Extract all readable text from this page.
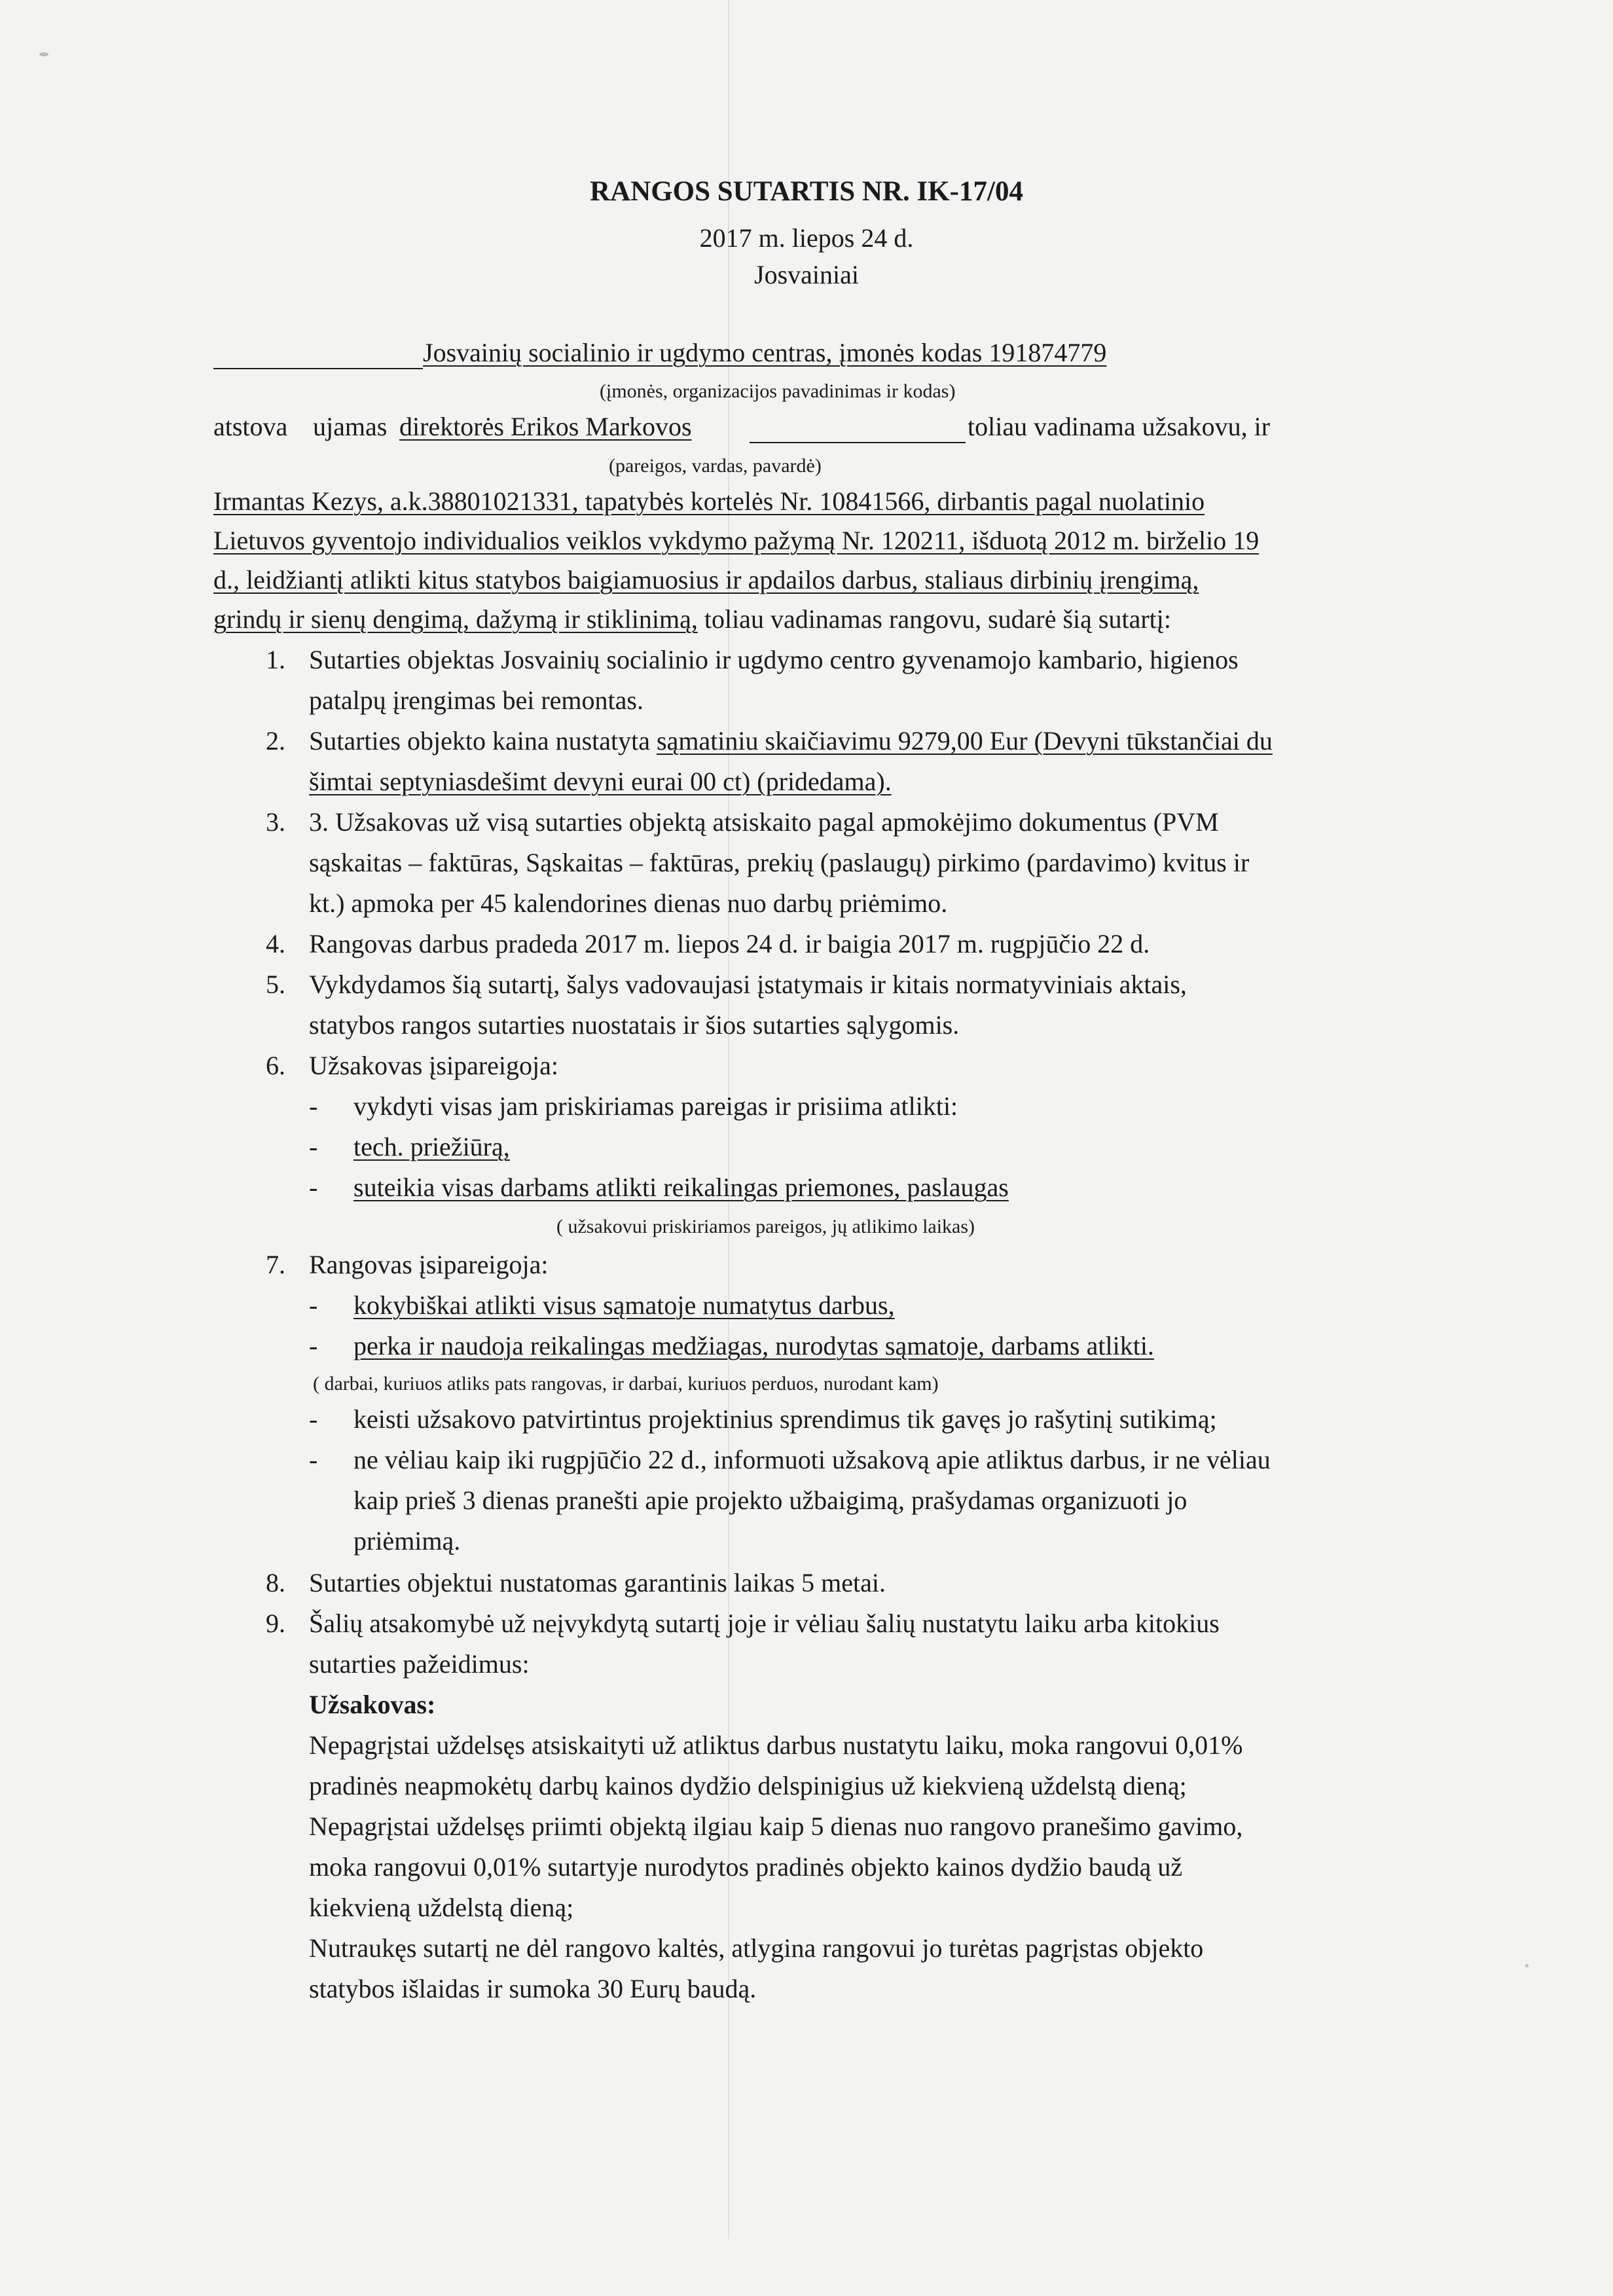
RANGOS SUTARTIS NR. IK-17/04
2017 m. liepos 24 d.
Josvainiai
Josvainių socialinio ir ugdymo centras, įmonės kodas 191874779
(įmonės, organizacijos pavadinimas ir kodas)
atstova ujamas direktorės Erikos Markovos	toliau vadinama užsakovu, ir
(pareigos, vardas, pavardė)
Irmantas Kezys, a.k.38801021331, tapatybės kortelės Nr. 10841566, dirbantis pagal nuolatinio
Lietuvos gyventojo individualios veiklos vykdymo pažymą Nr. 120211, išduotą 2012 m. birželio 19
d., leidžiantį atlikti kitus statybos baigiamuosius ir apdailos darbus, staliaus dirbinių įrengimą,
grindų ir sienų dengimą, dažymą ir stiklinimą, toliau vadinamas rangovu, sudarė šią sutartį:
1. Sutarties objektas Josvainių socialinio ir ugdymo centro gyvenamojo kambario, higienos
patalpų įrengimas bei remontas.
2. Sutarties objekto kaina nustatyta sąmatiniu skaičiavimu 9279,00 Eur (Devyni tūkstančiai du
šimtai septyniasdešimt devyni eurai 00 ct) (pridedama).
3. 3. Užsakovas už visą sutarties objektą atsiskaito pagal apmokėjimo dokumentus (PVM
sąskaitas – faktūras, Sąskaitas – faktūras, prekių (paslaugų) pirkimo (pardavimo) kvitus ir
kt.) apmoka per 45 kalendorines dienas nuo darbų priėmimo.
4. Rangovas darbus pradeda 2017 m. liepos 24 d. ir baigia 2017 m. rugpjūčio 22 d.
5. Vykdydamos šią sutartį, šalys vadovaujasi įstatymais ir kitais normatyviniais aktais,
statybos rangos sutarties nuostatais ir šios sutarties sąlygomis.
6. Užsakovas įsipareigoja:
- vykdyti visas jam priskiriamas pareigas ir prisiima atlikti:
- tech. priežiūrą,
- suteikia visas darbams atlikti reikalingas priemones, paslaugas
( užsakovui priskiriamos pareigos, jų atlikimo laikas)
7. Rangovas įsipareigoja:
- kokybiškai atlikti visus sąmatoje numatytus darbus,
- perka ir naudoja reikalingas medžiagas, nurodytas sąmatoje, darbams atlikti.
( darbai, kuriuos atliks pats rangovas, ir darbai, kuriuos perduos, nurodant kam)
- keisti užsakovo patvirtintus projektinius sprendimus tik gavęs jo rašytinį sutikimą;
- ne vėliau kaip iki rugpjūčio 22 d., informuoti užsakovą apie atliktus darbus, ir ne vėliau
kaip prieš 3 dienas pranešti apie projekto užbaigimą, prašydamas organizuoti jo
priėmimą.
8. Sutarties objektui nustatomas garantinis laikas 5 metai.
9. Šalių atsakomybė už neįvykdytą sutartį joje ir vėliau šalių nustatytu laiku arba kitokius
sutarties pažeidimus:
Užsakovas:
Nepagrįstai uždelsęs atsiskaityti už atliktus darbus nustatytu laiku, moka rangovui 0,01%
pradinės neapmokėtų darbų kainos dydžio delspinigius už kiekvieną uždelstą dieną;
Nepagrįstai uždelsęs priimti objektą ilgiau kaip 5 dienas nuo rangovo pranešimo gavimo,
moka rangovui 0,01% sutartyje nurodytos pradinės objekto kainos dydžio baudą už
kiekvieną uždelstą dieną;
Nutraukęs sutartį ne dėl rangovo kaltės, atlygina rangovui jo turėtas pagrįstas objekto
statybos išlaidas ir sumoka 30 Eurų baudą.
